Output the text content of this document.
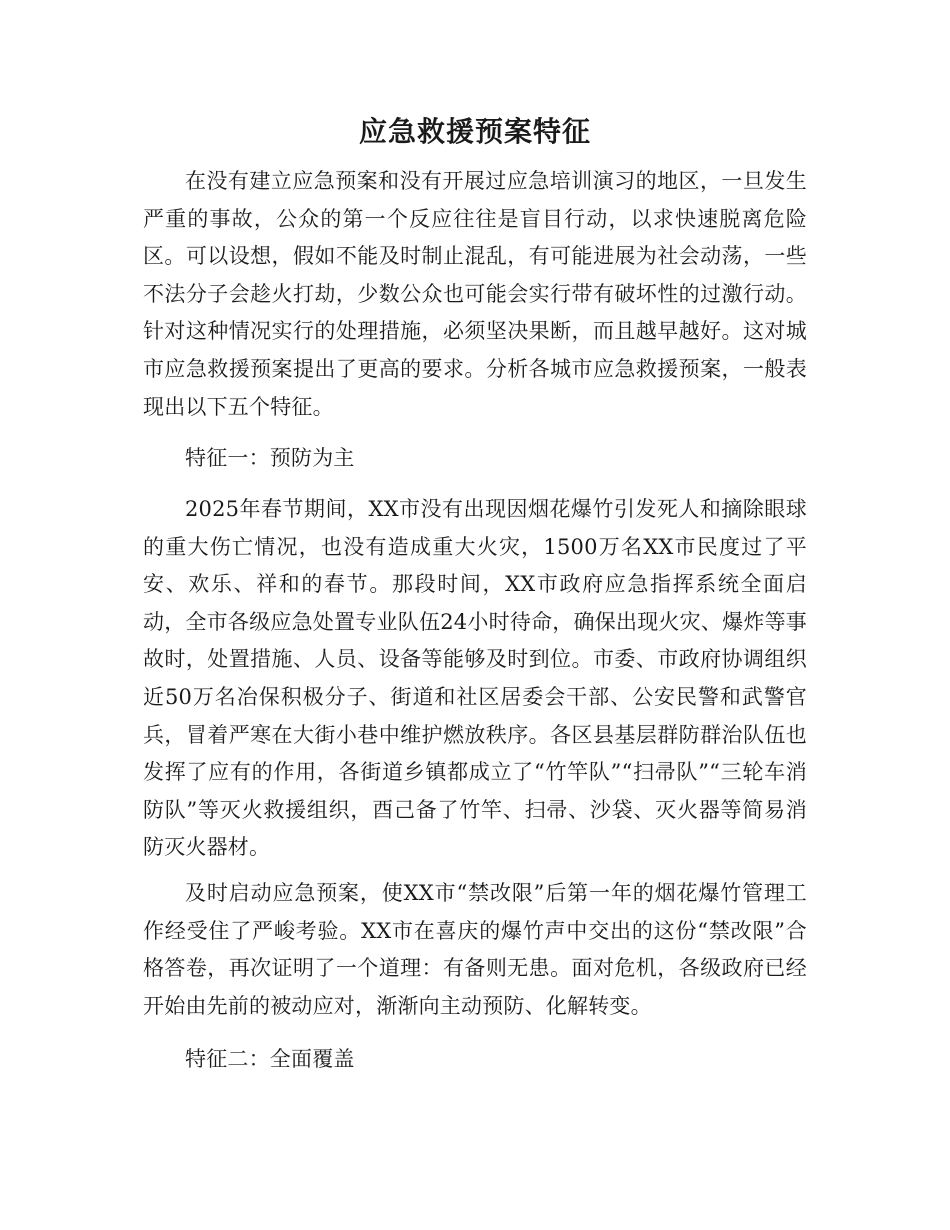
应急救援预案特征

在没有建立应急预案和没有开展过应急培训演习的地区，一旦发生严重的事故，公众的第一个反应往往是盲目行动，以求快速脱离危险区。可以设想，假如不能及时制止混乱，有可能进展为社会动荡，一些不法分子会趁火打劫，少数公众也可能会实行带有破坏性的过激行动。针对这种情况实行的处理措施，必须坚决果断，而且越早越好。这对城市应急救援预案提出了更高的要求。分析各城市应急救援预案，一般表现出以下五个特征。

特征一：预防为主

2025年春节期间，XX市没有出现因烟花爆竹引发死人和摘除眼球的重大伤亡情况，也没有造成重大火灾，1500万名XX市民度过了平安、欢乐、祥和的春节。那段时间，XX市政府应急指挥系统全面启动，全市各级应急处置专业队伍24小时待命，确保出现火灾、爆炸等事故时，处置措施、人员、设备等能够及时到位。市委、市政府协调组织近50万名冶保积极分子、街道和社区居委会干部、公安民警和武警官兵，冒着严寒在大街小巷中维护燃放秩序。各区县基层群防群治队伍也发挥了应有的作用，各街道乡镇都成立了“竹竿队”“扫帚队”“三轮车消防队”等灭火救援组织，酉己备了竹竿、扫帚、沙袋、灭火器等简易消防灭火器材。

及时启动应急预案，使XX市“禁改限”后第一年的烟花爆竹管理工作经受住了严峻考验。XX市在喜庆的爆竹声中交出的这份“禁改限”合格答卷，再次证明了一个道理：有备则无患。面对危机，各级政府已经开始由先前的被动应对，渐渐向主动预防、化解转变。

特征二：全面覆盖
